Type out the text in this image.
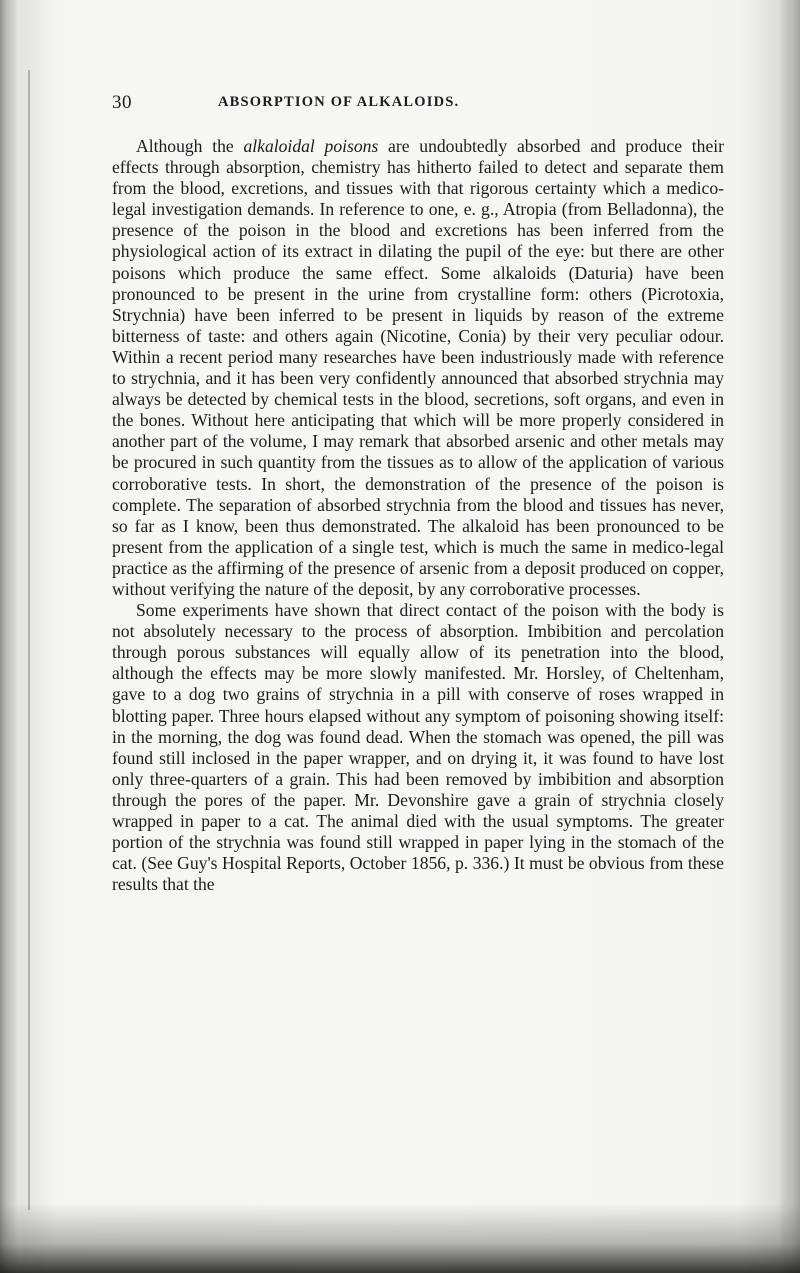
30	ABSORPTION OF ALKALOIDS.

Although the alkaloidal poisons are undoubtedly absorbed and produce their effects through absorption, chemistry has hitherto failed to detect and separate them from the blood, excretions, and tissues with that rigorous certainty which a medico-legal investigation demands. In reference to one, e. g., Atropia (from Belladonna), the presence of the poison in the blood and excretions has been inferred from the physiological action of its extract in dilating the pupil of the eye: but there are other poisons which produce the same effect. Some alkaloids (Daturia) have been pronounced to be present in the urine from crystalline form: others (Picrotoxia, Strychnia) have been inferred to be present in liquids by reason of the extreme bitterness of taste: and others again (Nicotine, Conia) by their very peculiar odour. Within a recent period many researches have been industriously made with reference to strychnia, and it has been very confidently announced that absorbed strychnia may always be detected by chemical tests in the blood, secretions, soft organs, and even in the bones. Without here anticipating that which will be more properly considered in another part of the volume, I may remark that absorbed arsenic and other metals may be procured in such quantity from the tissues as to allow of the application of various corroborative tests. In short, the demonstration of the presence of the poison is complete. The separation of absorbed strychnia from the blood and tissues has never, so far as I know, been thus demonstrated. The alkaloid has been pronounced to be present from the application of a single test, which is much the same in medico-legal practice as the affirming of the presence of arsenic from a deposit produced on copper, without verifying the nature of the deposit, by any corroborative processes.

Some experiments have shown that direct contact of the poison with the body is not absolutely necessary to the process of absorption. Imbibition and percolation through porous substances will equally allow of its penetration into the blood, although the effects may be more slowly manifested. Mr. Horsley, of Cheltenham, gave to a dog two grains of strychnia in a pill with conserve of roses wrapped in blotting paper. Three hours elapsed without any symptom of poisoning showing itself: in the morning, the dog was found dead. When the stomach was opened, the pill was found still inclosed in the paper wrapper, and on drying it, it was found to have lost only three-quarters of a grain. This had been removed by imbibition and absorption through the pores of the paper. Mr. Devonshire gave a grain of strychnia closely wrapped in paper to a cat. The animal died with the usual symptoms. The greater portion of the strychnia was found still wrapped in paper lying in the stomach of the cat. (See Guy's Hospital Reports, October 1856, p. 336.) It must be obvious from these results that the
